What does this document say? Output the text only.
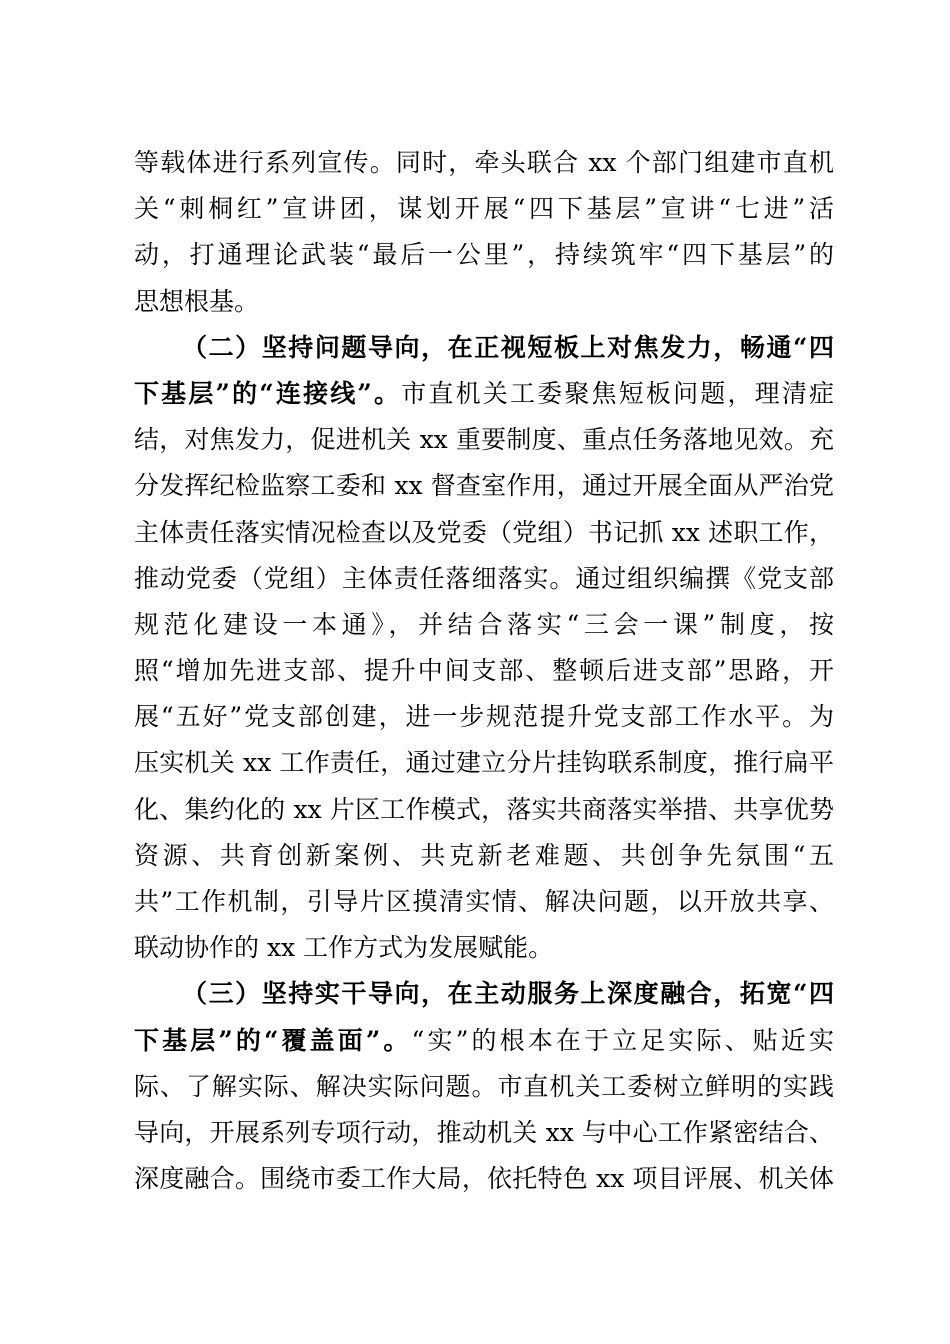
等载体进行系列宣传。同时，牵头联合 xx 个部门组建市直机
关“刺桐红”宣讲团，谋划开展“四下基层”宣讲“七进”活
动，打通理论武装“最后一公里”，持续筑牢“四下基层”的
思想根基。
（二）坚持问题导向，在正视短板上对焦发力，畅通“四
下基层”的“连接线”。市直机关工委聚焦短板问题，理清症
结，对焦发力，促进机关 xx 重要制度、重点任务落地见效。充
分发挥纪检监察工委和 xx 督查室作用，通过开展全面从严治党
主体责任落实情况检查以及党委（党组）书记抓 xx 述职工作，
推动党委（党组）主体责任落细落实。通过组织编撰《党支部
规范化建设一本通》，并结合落实“三会一课”制度，按
照“增加先进支部、提升中间支部、整顿后进支部”思路，开
展“五好”党支部创建，进一步规范提升党支部工作水平。为
压实机关 xx 工作责任，通过建立分片挂钩联系制度，推行扁平
化、集约化的 xx 片区工作模式，落实共商落实举措、共享优势
资源、共育创新案例、共克新老难题、共创争先氛围“五
共”工作机制，引导片区摸清实情、解决问题，以开放共享、
联动协作的 xx 工作方式为发展赋能。
（三）坚持实干导向，在主动服务上深度融合，拓宽“四
下基层”的“覆盖面”。“实”的根本在于立足实际、贴近实
际、了解实际、解决实际问题。市直机关工委树立鲜明的实践
导向，开展系列专项行动，推动机关 xx 与中心工作紧密结合、
深度融合。围绕市委工作大局，依托特色 xx 项目评展、机关体
